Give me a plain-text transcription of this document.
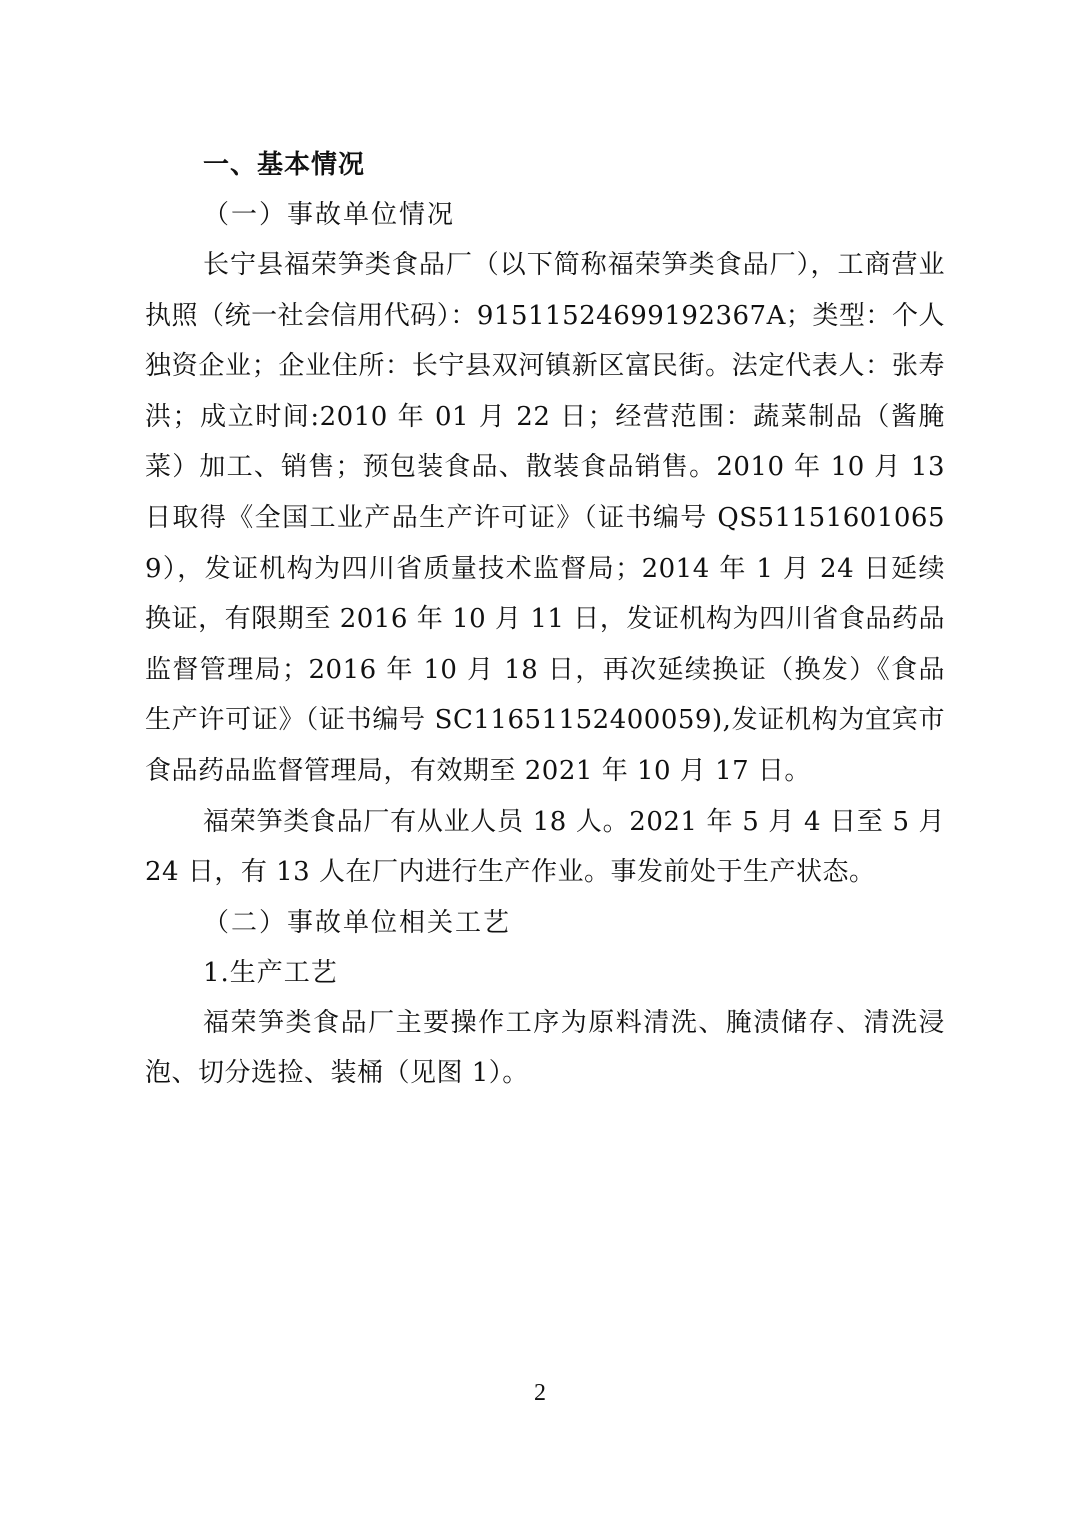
一、基本情况
（一）事故单位情况

长宁县福荣笋类食品厂（以下简称福荣笋类食品厂），工商营业执照（统一社会信用代码）：91511524699192367A；类型：个人独资企业；企业住所：长宁县双河镇新区富民街。法定代表人：张寿洪；成立时间:2010 年 01 月 22 日；经营范围：蔬菜制品（酱腌菜）加工、销售；预包装食品、散装食品销售。2010 年 10 月 13 日取得《全国工业产品生产许可证》（证书编号 QS511516010659），发证机构为四川省质量技术监督局；2014 年 1 月 24 日延续换证，有限期至 2016 年 10 月 11 日，发证机构为四川省食品药品监督管理局；2016 年 10 月 18 日，再次延续换证（换发）《食品生产许可证》（证书编号 SC11651152400059),发证机构为宜宾市食品药品监督管理局，有效期至 2021 年 10 月 17 日。

福荣笋类食品厂有从业人员 18 人。2021 年 5 月 4 日至 5 月 24 日，有 13 人在厂内进行生产作业。事发前处于生产状态。

（二）事故单位相关工艺
1.生产工艺

福荣笋类食品厂主要操作工序为原料清洗、腌渍储存、清洗浸泡、切分选捡、装桶（见图 1）。

2
